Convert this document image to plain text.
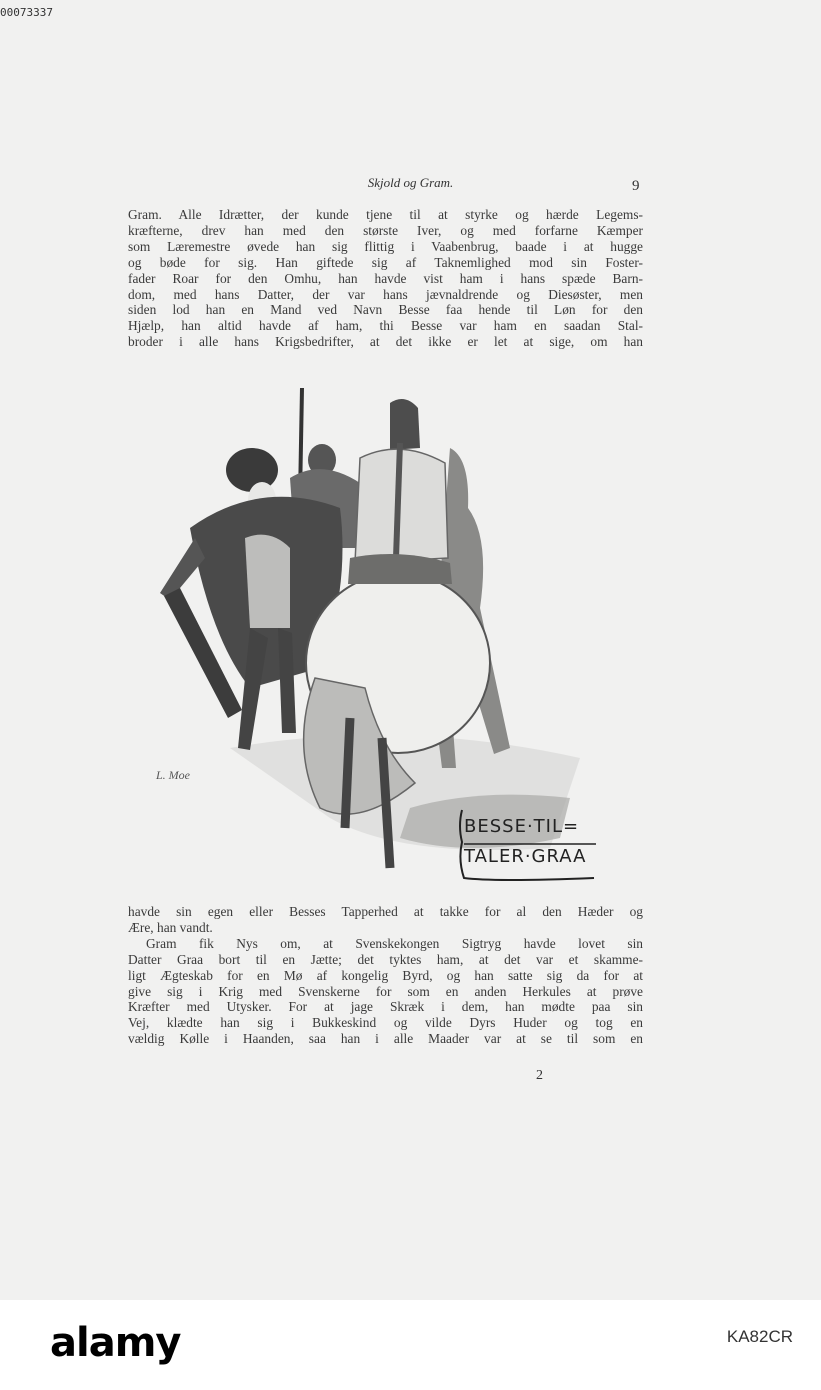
00073337
Skjold og Gram.	9
Gram. Alle Idrætter, der kunde tjene til at styrke og hærde Legems-
kræfterne, drev han med den største Iver, og med forfarne Kæmper
som Læremestre øvede han sig flittig i Vaabenbrug, baade i at hugge
og bøde for sig. Han giftede sig af Taknemlighed mod sin Foster-
fader Roar for den Omhu, han havde vist ham i hans spæde Barn-
dom, med hans Datter, der var hans jævnaldrende og Diesøster, men
siden lod han en Mand ved Navn Besse faa hende til Løn for den
Hjælp, han altid havde af ham, thi Besse var ham en saadan Stal-
broder i alle hans Krigsbedrifter, at det ikke er let at sige, om han
L. Moe
BESSE·TIL=
TALER·GRAA
havde sin egen eller Besses Tapperhed at takke for al den Hæder og
Ære, han vandt.
Gram fik Nys om, at Svenskekongen Sigtryg havde lovet sin
Datter Graa bort til en Jætte; det tyktes ham, at det var et skamme-
ligt Ægteskab for en Mø af kongelig Byrd, og han satte sig da for at
give sig i Krig med Svenskerne for som en anden Herkules at prøve
Kræfter med Utysker. For at jage Skræk i dem, han mødte paa sin
Vej, klædte han sig i Bukkeskind og vilde Dyrs Huder og tog en
vældig Kølle i Haanden, saa han i alle Maader var at se til som en
2
alamy	KA82CR
